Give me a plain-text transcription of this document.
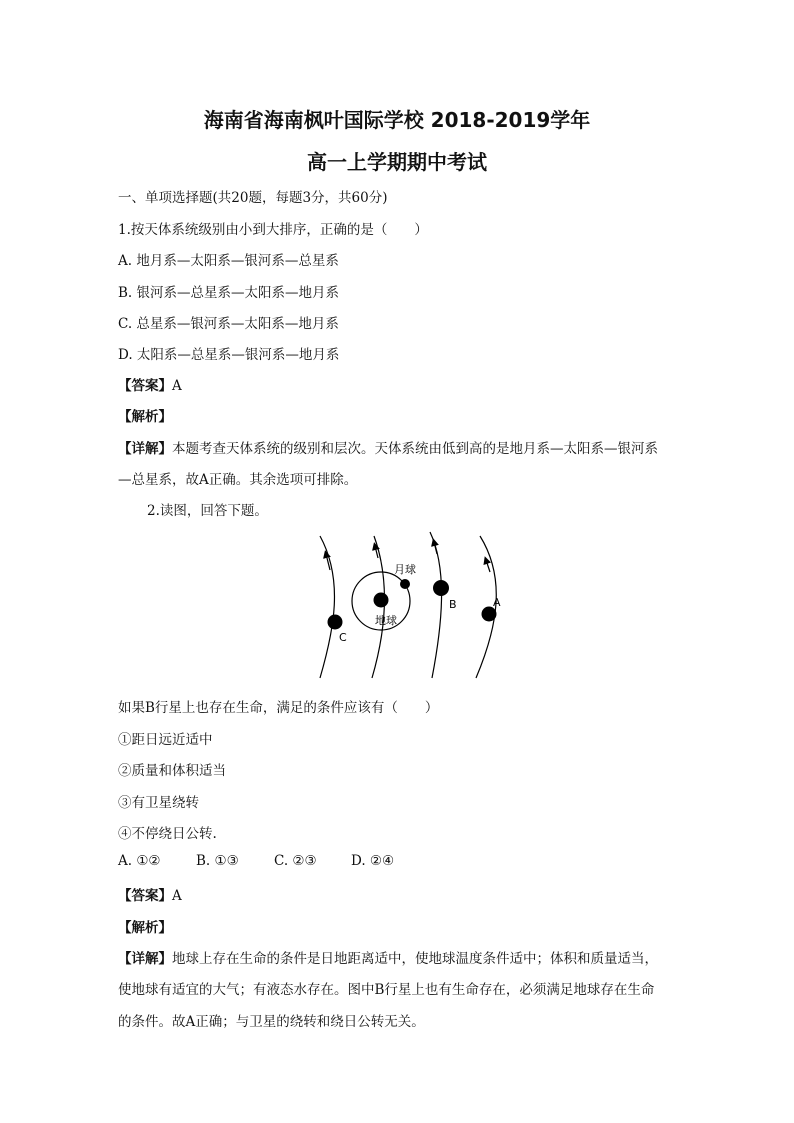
海南省海南枫叶国际学校 2018-2019学年
高一上学期期中考试
一、单项选择题(共20题，每题3分，共60分)
1.按天体系统级别由小到大排序，正确的是（　　）
A. 地月系—太阳系—银河系—总星系
B. 银河系—总星系—太阳系—地月系
C. 总星系—银河系—太阳系—地月系
D. 太阳系—总星系—银河系—地月系
【答案】A
【解析】
【详解】本题考查天体系统的级别和层次。天体系统由低到高的是地月系—太阳系—银河系
—总星系，故A正确。其余选项可排除。
2.读图，回答下题。
月球
地球
C
B	A
如果B行星上也存在生命，满足的条件应该有（　　）
①距日远近适中
②质量和体积适当
③有卫星绕转
④不停绕日公转.
A. ①②	B. ①③	C. ②③	D. ②④
【答案】A
【解析】
【详解】地球上存在生命的条件是日地距离适中，使地球温度条件适中；体积和质量适当，
使地球有适宜的大气；有液态水存在。图中B行星上也有生命存在，必须满足地球存在生命
的条件。故A正确；与卫星的绕转和绕日公转无关。
